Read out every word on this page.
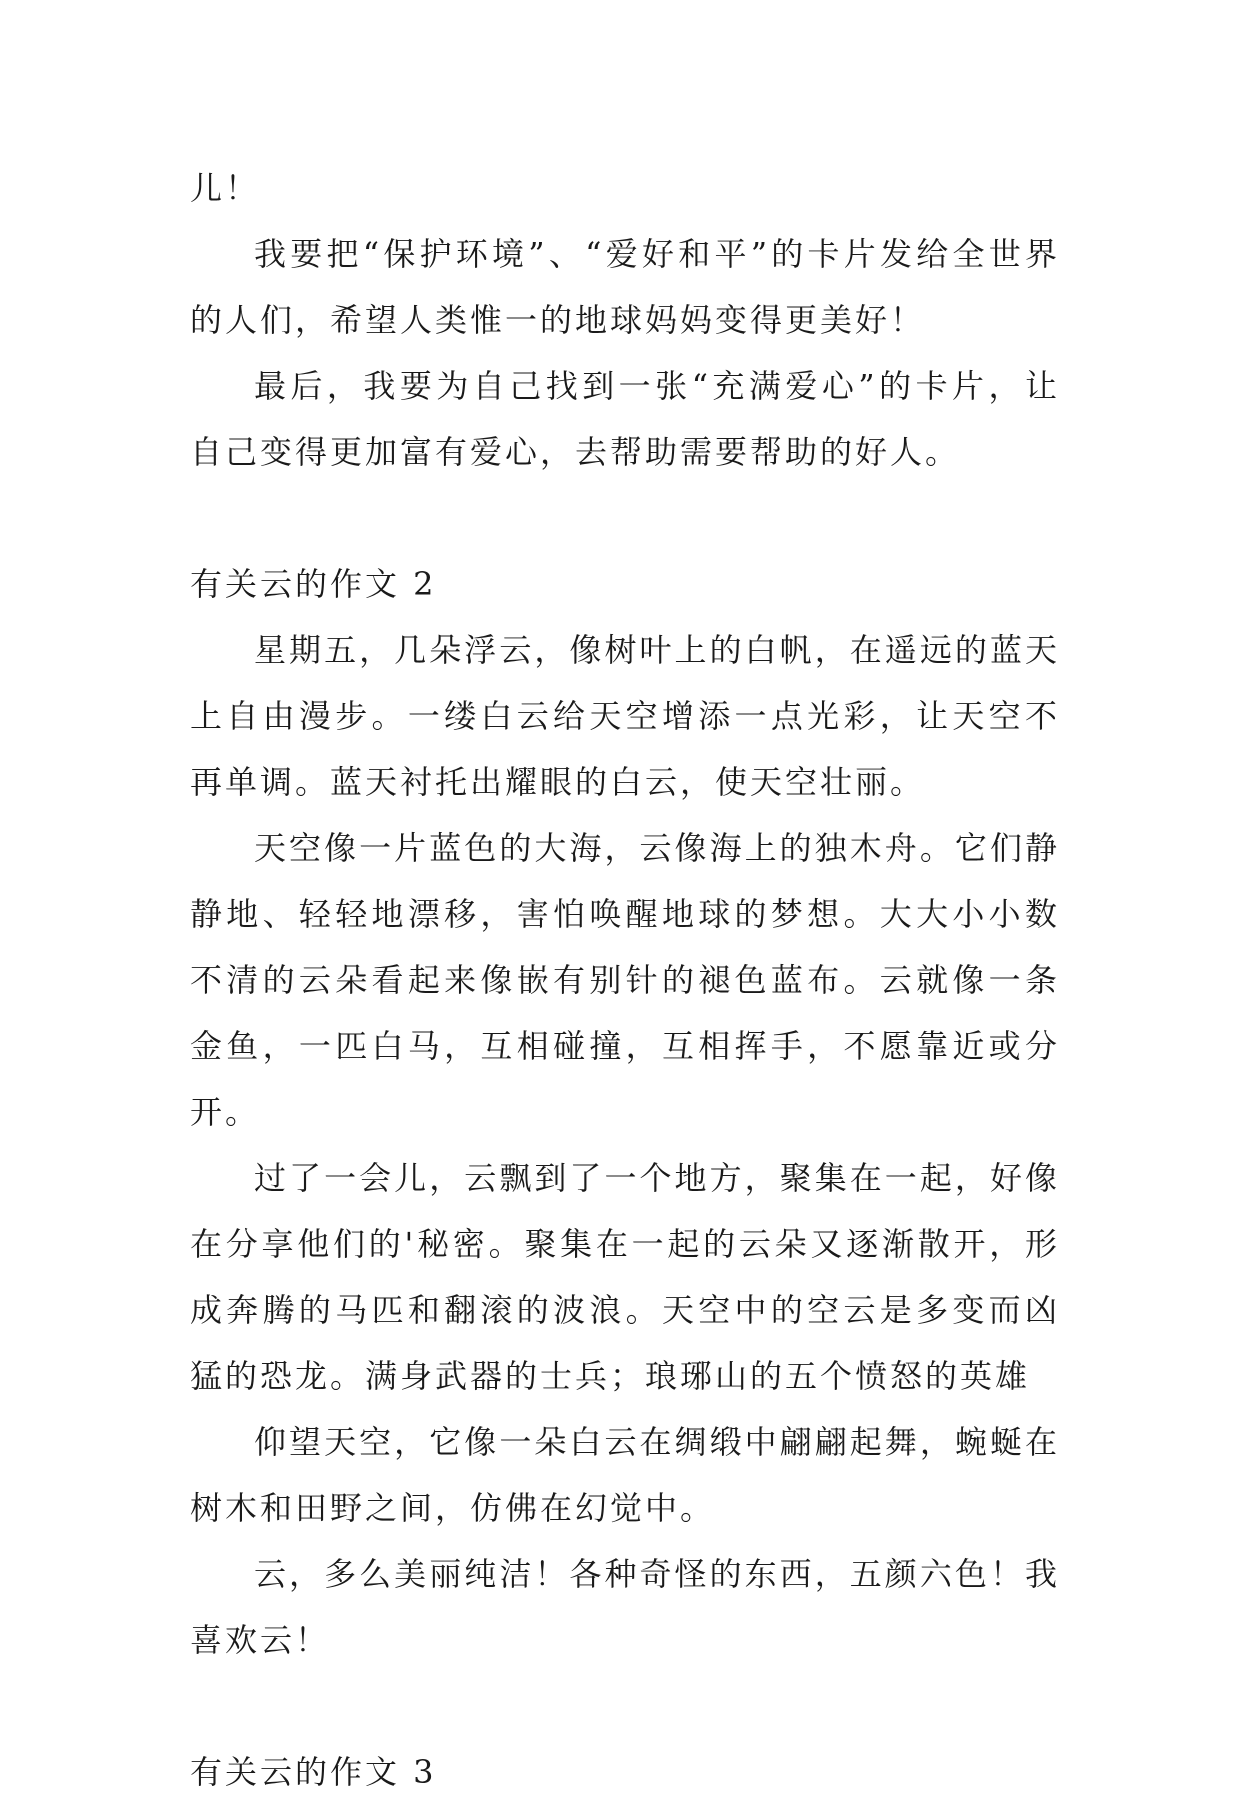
儿！

我要把“保护环境”、“爱好和平”的卡片发给全世界的人们，希望人类惟一的地球妈妈变得更美好！

最后，我要为自己找到一张“充满爱心”的卡片，让自己变得更加富有爱心，去帮助需要帮助的好人。

有关云的作文 2

星期五，几朵浮云，像树叶上的白帆，在遥远的蓝天上自由漫步。一缕白云给天空增添一点光彩，让天空不再单调。蓝天衬托出耀眼的白云，使天空壮丽。

天空像一片蓝色的大海，云像海上的独木舟。它们静静地、轻轻地漂移，害怕唤醒地球的梦想。大大小小数不清的云朵看起来像嵌有别针的褪色蓝布。云就像一条金鱼，一匹白马，互相碰撞，互相挥手，不愿靠近或分开。

过了一会儿，云飘到了一个地方，聚集在一起，好像在分享他们的'秘密。聚集在一起的云朵又逐渐散开，形成奔腾的马匹和翻滚的波浪。天空中的空云是多变而凶猛的恐龙。满身武器的士兵；琅琊山的五个愤怒的英雄

仰望天空，它像一朵白云在绸缎中翩翩起舞，蜿蜒在树木和田野之间，仿佛在幻觉中。

云，多么美丽纯洁！各种奇怪的东西，五颜六色！我喜欢云！

有关云的作文 3
